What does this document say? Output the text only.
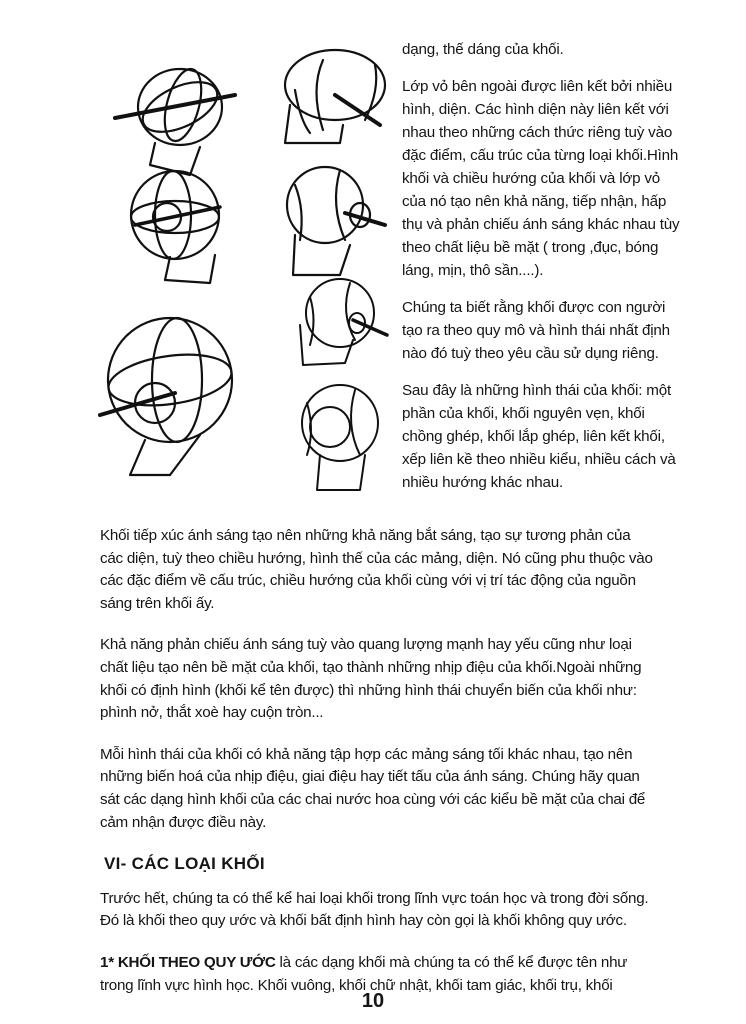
dạng, thế dáng của khối.

Lớp vỏ bên ngoài được liên kết bởi nhiều hình, diện. Các hình diện này liên kết với nhau theo những cách thức riêng tuỳ vào đặc điểm, cấu trúc của từng loại khối.Hình khối và chiều hướng của khối và lớp vỏ của nó tạo nên khả năng, tiếp nhận, hấp thụ và phản chiếu ánh sáng khác nhau tùy theo chất liệu bề mặt ( trong ,đục, bóng láng, mịn, thô sần....).

Chúng ta biết rằng khối được con người tạo ra theo quy mô và hình thái nhất định nào đó tuỳ theo yêu cầu sử dụng riêng.

Sau đây là những hình thái của khối: một phần của khối, khối nguyên vẹn, khối chồng ghép, khối lắp ghép, liên kết khối, xếp liên kề theo nhiều kiểu, nhiều cách và nhiều hướng khác nhau.

Khối tiếp xúc ánh sáng tạo nên những khả năng bắt sáng, tạo sự tương phản của các diện, tuỳ theo chiều hướng, hình thế của các mảng, diện. Nó cũng phu thuộc vào các đặc điểm về cấu trúc, chiều hướng của khối cùng với vị trí tác động của nguồn sáng trên khối ấy.

Khả năng phản chiếu ánh sáng tuỳ vào quang lượng mạnh hay yếu cũng như loại chất liệu tạo nên bề mặt của khối, tạo thành những nhịp điệu của khối.Ngoài những khối có định hình (khối kể tên được) thì những hình thái chuyển biến của khối như: phình nở, thắt xoè hay cuộn tròn...

Mỗi hình thái của khối có khả năng tập hợp các mảng sáng tối khác nhau, tạo nên những biến hoá của nhịp điệu, giai điệu hay tiết tấu của ánh sáng. Chúng hãy quan sát các dạng hình khối của các chai nước hoa cùng với các kiểu bề mặt của chai để cảm nhận được điều này.

VI- CÁC LOẠI KHỐI

Trước hết, chúng ta có thể kể hai loại khối trong lĩnh vực toán học và trong đời sống. Đó là khối theo quy ước và khối bất định hình hay còn gọi là khối không quy ước.

1* KHỐI THEO QUY ƯỚC là các dạng khối mà chúng ta có thể kể được tên như trong lĩnh vực hình học. Khối vuông, khối chữ nhật, khối tam giác, khối trụ, khối

10
